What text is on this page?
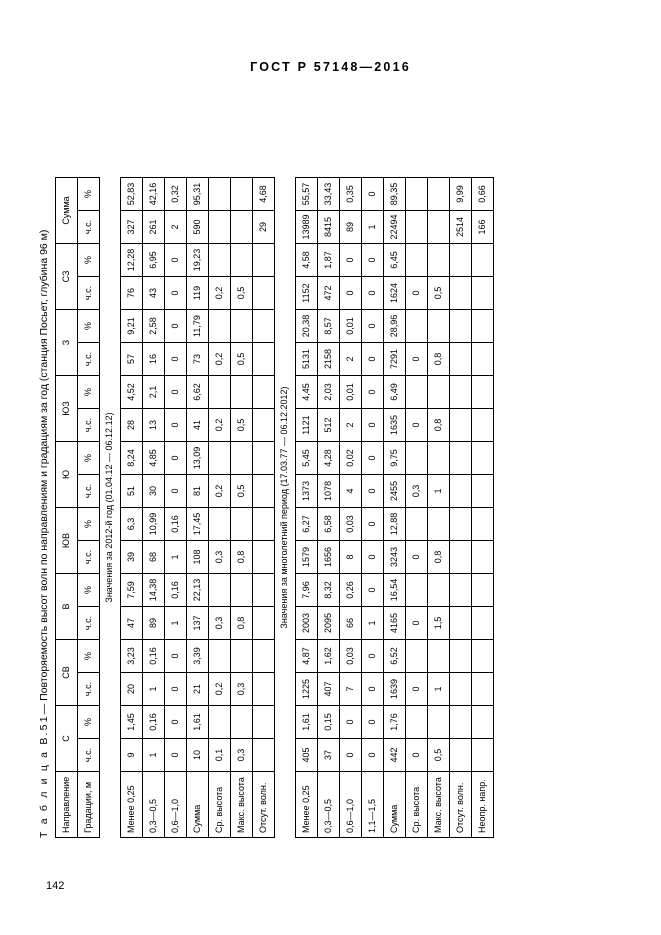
ГОСТ Р 57148—2016
142
Т а б л и ц а B.51— Повторяемость высот волн по направлениям и градациям за год (станция Посьет, глубина 96 м)
Направление	С		СВ		В		ЮВ		Ю		ЮЗ		З		СЗ		Сумма	
Градации, м	ч.с.	%	ч.с.	%	ч.с.	%	ч.с.	%	ч.с.	%	ч.с.	%	ч.с.	%	ч.с.	%	ч.с.	%
Значения за 2012-й год (01.04.12 — 06.12.12)																		
Менее 0,25	9	1,45	20	3,23	47	7,59	39	6,3	51	8,24	28	4,52	57	9,21	76	12,28	327	52,83
0,3—0,5	1	0,16	1	0,16	89	14,38	68	10,99	30	4,85	13	2,1	16	2,58	43	6,95	261	42,16
0,6—1,0	0	0	0	0	1	0,16	1	0,16	0	0	0	0	0	0	0	0	2	0,32
Сумма	10	1,61	21	3,39	137	22,13	108	17,45	81	13,09	41	6,62	73	11,79	119	19,23	590	95,31
Ср. высота	0,1		0,2		0,3		0,3		0,2		0,2		0,2		0,2			
Макс. высота	0,3		0,3		0,8		0,8		0,5		0,5		0,5		0,5			
Отсут. волн.																	29	4,68
Значения за многолетний период (17.03.77 — 06.12.2012)																		
Менее 0,25	405	1,61	1225	4,87	2003	7,96	1579	6,27	1373	5,45	1121	4,45	5131	20,38	1152	4,58	13989	55,57
0,3—0,5	37	0,15	407	1,62	2095	8,32	1656	6,58	1078	4,28	512	2,03	2158	8,57	472	1,87	8415	33,43
0,6—1,0	0	0	7	0,03	66	0,26	8	0,03	4	0,02	2	0,01	2	0,01	0	0	89	0,35
1,1—1,5	0	0	0	0	1	0	0	0	0	0	0	0	0	0	0	0	1	0
Сумма	442	1,76	1639	6,52	4165	16,54	3243	12,88	2455	9,75	1635	6,49	7291	28,96	1624	6,45	22494	89,35
Ср. высота	0		0		0		0		0,3		0		0		0			
Макс. высота	0,5		1		1,5		0,8		1		0,8		0,8		0,5			
Отсут. волн.																	2514	9,99
Неопр. напр.																	166	0,66
